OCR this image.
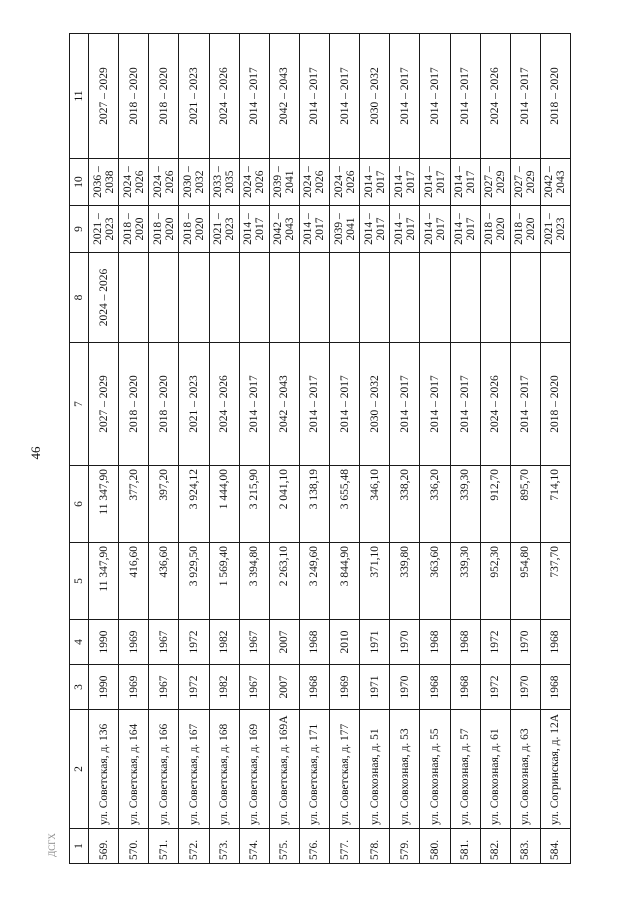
46
ДСГХ 1	2	3	4	5	6	7	8	9	10	11
569.	ул. Советская, д. 136	1990	1990	11 347,90	11 347,90	2027 – 2029	2024 – 2026	2021 – 2023	2036 – 2038	2027 – 2029
570.	ул. Советская, д. 164	1969	1969	416,60	377,20	2018 – 2020		2018 – 2020	2024 – 2026	2018 – 2020
571.	ул. Советская, д. 166	1967	1967	436,60	397,20	2018 – 2020		2018 – 2020	2024 – 2026	2018 – 2020
572.	ул. Советская, д. 167	1972	1972	3 929,50	3 924,12	2021 – 2023		2018 – 2020	2030 – 2032	2021 – 2023
573.	ул. Советская, д. 168	1982	1982	1 569,40	1 444,00	2024 – 2026		2021 – 2023	2033 – 2035	2024 – 2026
574.	ул. Советская, д. 169	1967	1967	3 394,80	3 215,90	2014 – 2017		2014 – 2017	2024 – 2026	2014 – 2017
575.	ул. Советская, д. 169А	2007	2007	2 263,10	2 041,10	2042 – 2043		2042 – 2043	2039 – 2041	2042 – 2043
576.	ул. Советская, д. 171	1968	1968	3 249,60	3 138,19	2014 – 2017		2014 – 2017	2024 – 2026	2014 – 2017
577.	ул. Советская, д. 177	1969	2010	3 844,90	3 655,48	2014 – 2017		2039 – 2041	2024 – 2026	2014 – 2017
578.	ул. Совхозная, д. 51	1971	1971	371,10	346,10	2030 – 2032		2014 – 2017	2014 – 2017	2030 – 2032
579.	ул. Совхозная, д. 53	1970	1970	339,80	338,20	2014 – 2017		2014 – 2017	2014 – 2017	2014 – 2017
580.	ул. Совхозная, д. 55	1968	1968	363,60	336,20	2014 – 2017		2014 – 2017	2014 – 2017	2014 – 2017
581.	ул. Совхозная, д. 57	1968	1968	339,30	339,30	2014 – 2017		2014 – 2017	2014 – 2017	2014 – 2017
582.	ул. Совхозная, д. 61	1972	1972	952,30	912,70	2024 – 2026		2018 – 2020	2027 – 2029	2024 – 2026
583.	ул. Совхозная, д. 63	1970	1970	954,80	895,70	2014 – 2017		2018 – 2020	2027 – 2029	2014 – 2017
584.	ул. Согринская, д. 12А	1968	1968	737,70	714,10	2018 – 2020		2021 – 2023	2042 – 2043	2018 – 2020
